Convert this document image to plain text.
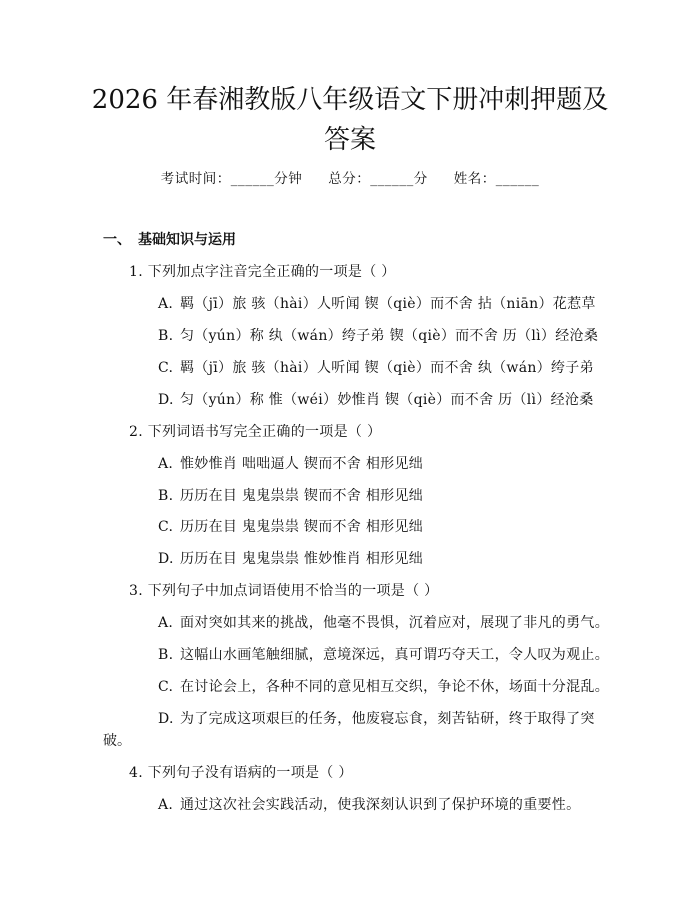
2026 年春湘教版八年级语文下册冲刺押题及
答案
考试时间：______分钟 总分：______分 姓名：______
一、 基础知识与运用
1. 下列加点字注音完全正确的一项是（ ）
A. 羁（jī）旅 骇（hài）人听闻 锲（qiè）而不舍 拈（niān）花惹草
B. 匀（yún）称 纨（wán）绔子弟 锲（qiè）而不舍 历（lì）经沧桑
C. 羁（jī）旅 骇（hài）人听闻 锲（qiè）而不舍 纨（wán）绔子弟
D. 匀（yún）称 惟（wéi）妙惟肖 锲（qiè）而不舍 历（lì）经沧桑
2. 下列词语书写完全正确的一项是（ ）
A. 惟妙惟肖 咄咄逼人 锲而不舍 相形见绌
B. 历历在目 鬼鬼祟祟 锲而不舍 相形见绌
C. 历历在目 鬼鬼祟祟 锲而不舍 相形见绌
D. 历历在目 鬼鬼祟祟 惟妙惟肖 相形见绌
3. 下列句子中加点词语使用不恰当的一项是（ ）
A. 面对突如其来的挑战，他毫不畏惧，沉着应对，展现了非凡的勇气。
B. 这幅山水画笔触细腻，意境深远，真可谓巧夺天工，令人叹为观止。
C. 在讨论会上，各种不同的意见相互交织，争论不休，场面十分混乱。
D. 为了完成这项艰巨的任务，他废寝忘食，刻苦钻研，终于取得了突
破。
4. 下列句子没有语病的一项是（ ）
A. 通过这次社会实践活动，使我深刻认识到了保护环境的重要性。
